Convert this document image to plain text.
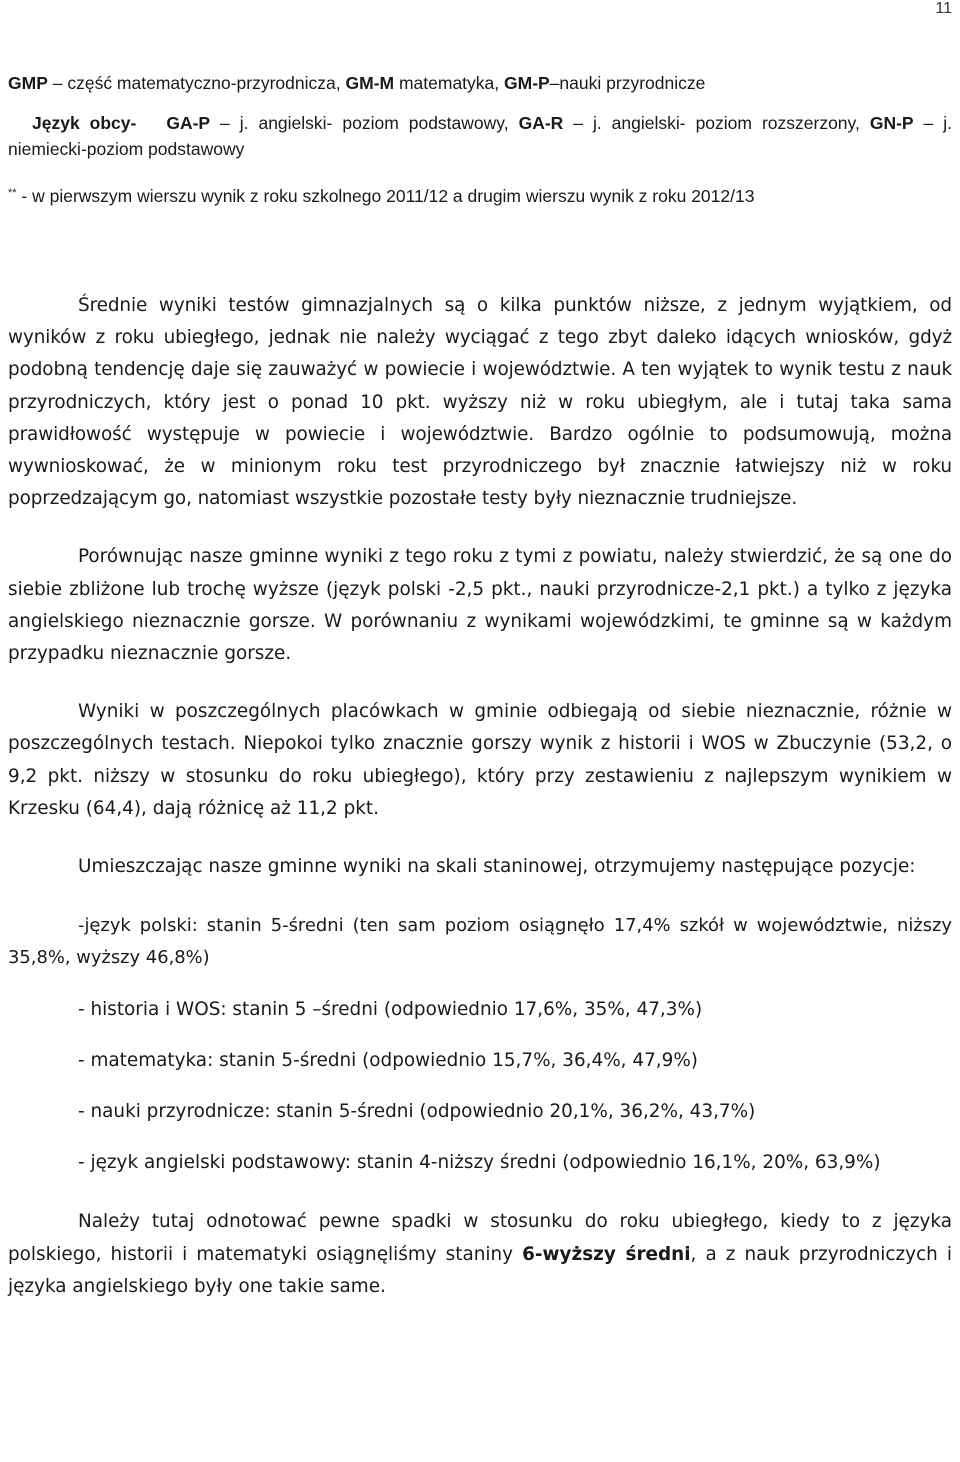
11

GMP – część matematyczno-przyrodnicza, GM-M matematyka, GM-P–nauki przyrodnicze

Język obcy- GA-P – j. angielski- poziom podstawowy, GA-R – j. angielski- poziom rozszerzony, GN-P – j. niemiecki-poziom podstawowy

** - w pierwszym wierszu wynik z roku szkolnego 2011/12 a drugim wierszu wynik z roku 2012/13

Średnie wyniki testów gimnazjalnych są o kilka punktów niższe, z jednym wyjątkiem, od wyników z roku ubiegłego, jednak nie należy wyciągać z tego zbyt daleko idących wniosków, gdyż podobną tendencję daje się zauważyć w powiecie i województwie. A ten wyjątek to wynik testu z nauk przyrodniczych, który jest o ponad 10 pkt. wyższy niż w roku ubiegłym, ale i tutaj taka sama prawidłowość występuje w powiecie i województwie. Bardzo ogólnie to podsumowują, można wywnioskować, że w minionym roku test przyrodniczego był znacznie łatwiejszy niż w roku poprzedzającym go, natomiast wszystkie pozostałe testy były nieznacznie trudniejsze.

Porównując nasze gminne wyniki z tego roku z tymi z powiatu, należy stwierdzić, że są one do siebie zbliżone lub trochę wyższe (język polski -2,5 pkt., nauki przyrodnicze-2,1 pkt.) a tylko z języka angielskiego nieznacznie gorsze. W porównaniu z wynikami wojewódzkimi, te gminne są w każdym przypadku nieznacznie gorsze.

Wyniki w poszczególnych placówkach w gminie odbiegają od siebie nieznacznie, różnie w poszczególnych testach. Niepokoi tylko znacznie gorszy wynik z historii i WOS w Zbuczynie (53,2, o 9,2 pkt. niższy w stosunku do roku ubiegłego), który przy zestawieniu z najlepszym wynikiem w Krzesku (64,4), dają różnicę aż 11,2 pkt.

Umieszczając nasze gminne wyniki na skali staninowej, otrzymujemy następujące pozycje:

-język polski: stanin 5-średni (ten sam poziom osiągnęło 17,4% szkół w województwie, niższy 35,8%, wyższy 46,8%)

- historia i WOS: stanin 5 –średni (odpowiednio 17,6%, 35%, 47,3%)

- matematyka: stanin 5-średni (odpowiednio 15,7%, 36,4%, 47,9%)

- nauki przyrodnicze: stanin 5-średni (odpowiednio 20,1%, 36,2%, 43,7%)

- język angielski podstawowy: stanin 4-niższy średni (odpowiednio 16,1%, 20%, 63,9%)

Należy tutaj odnotować pewne spadki w stosunku do roku ubiegłego, kiedy to z języka polskiego, historii i matematyki osiągnęliśmy staniny 6-wyższy średni, a z nauk przyrodniczych i języka angielskiego były one takie same.
